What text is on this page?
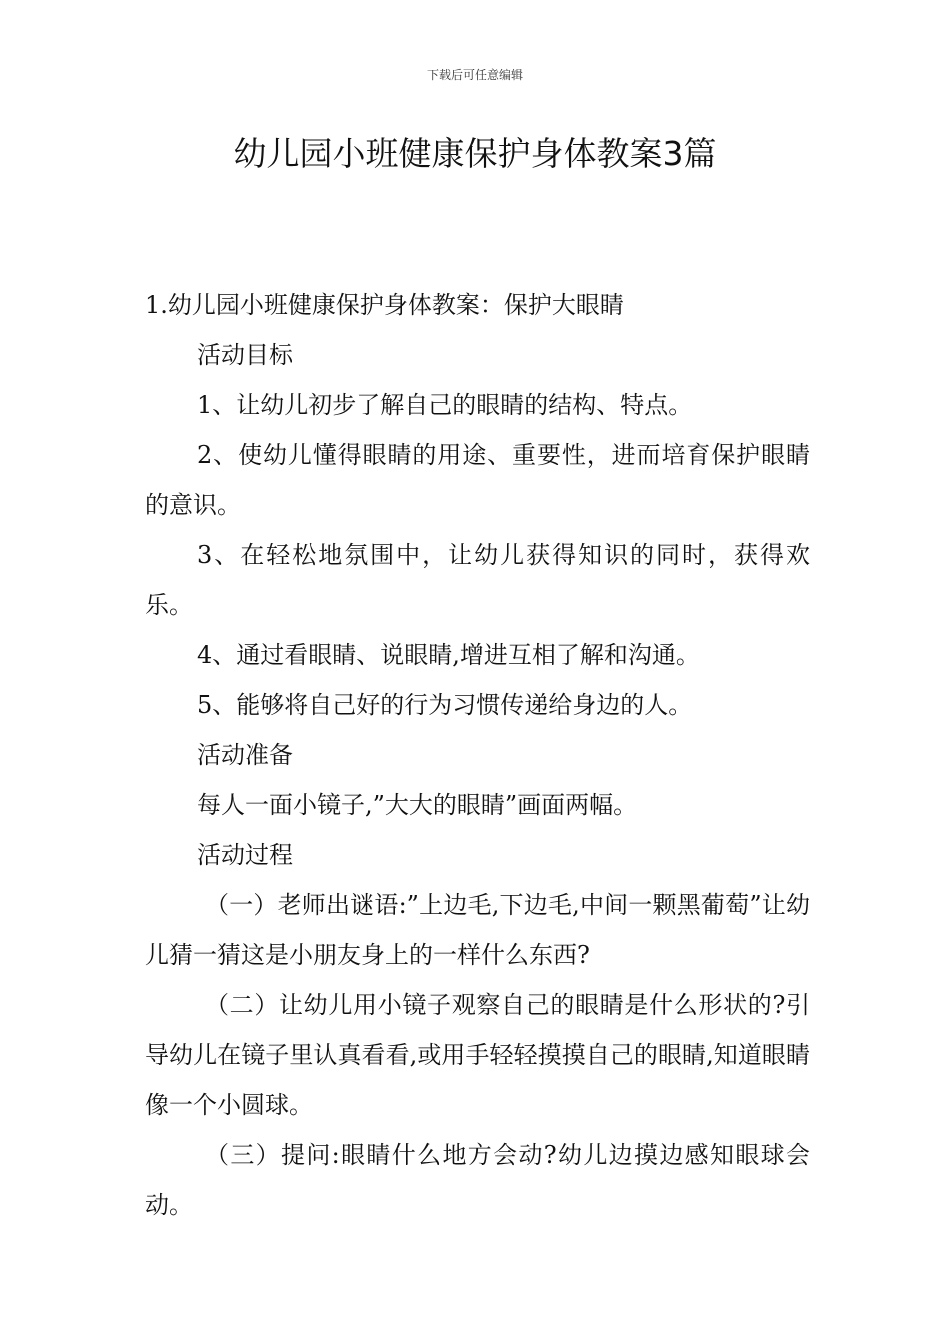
下载后可任意编辑
幼儿园小班健康保护身体教案3篇

1.幼儿园小班健康保护身体教案：保护大眼睛

活动目标

1、让幼儿初步了解自己的眼睛的结构、特点。

2、使幼儿懂得眼睛的用途、重要性，进而培育保护眼睛的意识。

3、在轻松地氛围中，让幼儿获得知识的同时，获得欢乐。

4、通过看眼睛、说眼睛,增进互相了解和沟通。

5、能够将自己好的行为习惯传递给身边的人。

活动准备

每人一面小镜子,”大大的眼睛”画面两幅。

活动过程

（一）老师出谜语:”上边毛,下边毛,中间一颗黑葡萄”让幼儿猜一猜这是小朋友身上的一样什么东西?

（二）让幼儿用小镜子观察自己的眼睛是什么形状的?引导幼儿在镜子里认真看看,或用手轻轻摸摸自己的眼睛,知道眼睛像一个小圆球。

（三）提问:眼睛什么地方会动?幼儿边摸边感知眼球会动。
